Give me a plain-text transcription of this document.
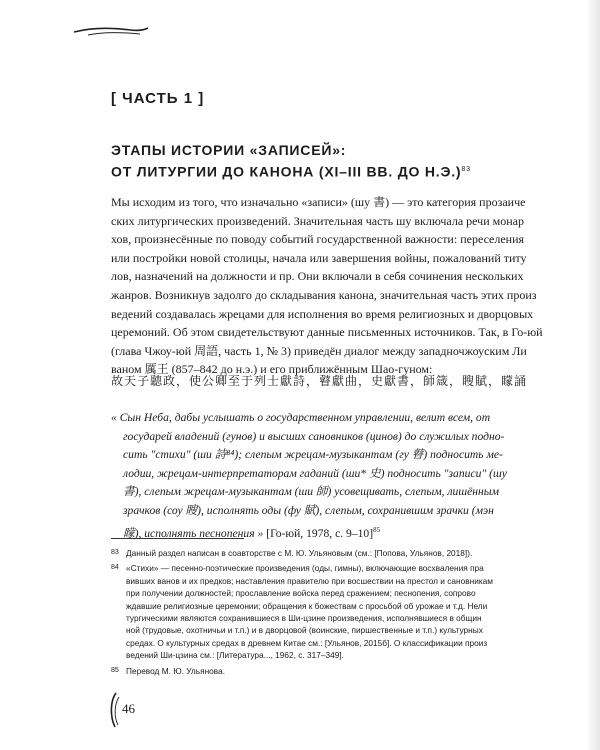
[ ЧАСТЬ 1 ]
ЭТАПЫ ИСТОРИИ «ЗАПИСЕЙ»:
ОТ ЛИТУРГИИ ДО КАНОНА (XI–III ВВ. ДО Н.Э.)$^{83}$
Мы исходим из того, что изначально «записи» (шу 書) — это категория прозаиче
ских литургических произведений. Значительная часть шу включала речи монар
хов, произнесённые по поводу событий государственной важности: переселения
или постройки новой столицы, начала или завершения войны, пожалований титу
лов, назначений на должности и пр. Они включали в себя сочинения нескольких
жанров. Возникнув задолго до складывания канона, значительная часть этих произ
ведений создавалась жрецами для исполнения во время религиозных и дворцовых
церемоний. Об этом свидетельствуют данные письменных источников. Так, в Го-юй
(глава Чжоу-юй 周語, часть 1, № 3) приведён диалог между западночжоуским Ли
ваном 厲王 (857–842 до н.э.) и его приближённым Шао-гуном:
故天子聽政，使公卿至于列士獻詩，瞽獻曲，史獻書，師箴，瞍賦，矇誦
« Сын Неба, дабы услышать о государственном управлении, велит всем, от
государей владений (гунов) и высших сановников (цинов) до служилых подно-
сить "стихи" (ши 詩⁸⁴); слепым жрецам-музыкантам (гу 瞽) подносить ме-
лодии, жрецам-интерпретаторам гаданий (ши* 史) подносить "записи" (шу
書), слепым жрецам-музыкантам (ши 師) усовещивать, слепым, лишённым
зрачков (соу 瞍), исполнять оды (фу 賦), слепым, сохранившим зрачки (мэн
矇), исполнять песнопения » [Го-юй, 1978, с. 9–10]$^{85}$
83 Данный раздел написан в соавторстве с М. Ю. Ульяновым (см.: [Попова, Ульянов, 2018]).
84 «Стихи» — песенно-поэтические произведения (оды, гимны), включающие восхваления пра
вивших ванов и их предков; наставления правителю при восшествии на престол и сановникам
при получении должностей; прославление войска перед сражением; песнопения, сопрово
ждавшие религиозные церемонии; обращения к божествам с просьбой об урожае и т.д. Нели
тургическими являются сохранившиеся в Ши-цзине произведения, исполнявшиеся в общин
ной (трудовые, охотничьи и т.п.) и в дворцовой (воинские, пиршественные и т.п.) культурных
средах. О культурных средах в древнем Китае см.: [Ульянов, 2015б]. О классификации произ
ведений Ши-цзина см.: [Литература..., 1962, с. 317–349].
85 Перевод М. Ю. Ульянова.
46
